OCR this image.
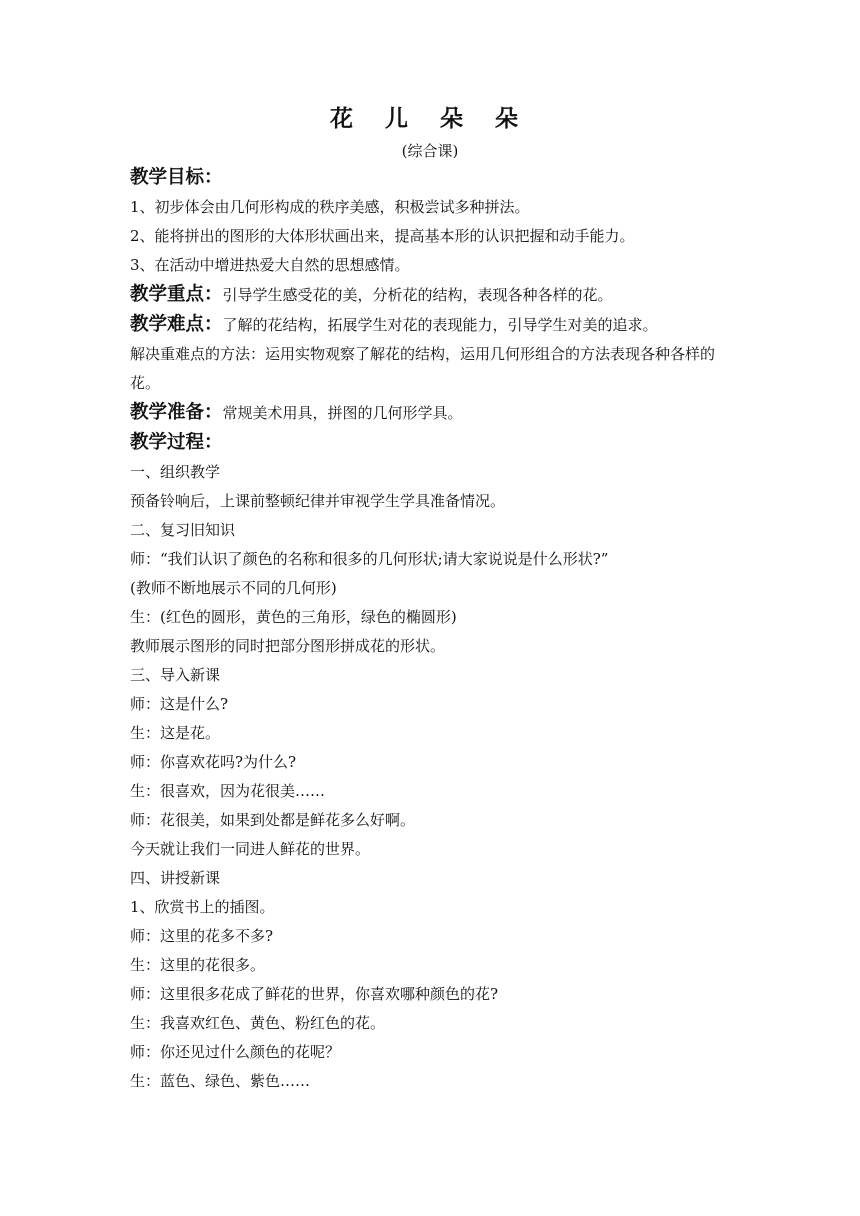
花 儿 朵 朵
(综合课)
教学目标：
1、初步体会由几何形构成的秩序美感，积极尝试多种拼法。
2、能将拼出的图形的大体形状画出来，提高基本形的认识把握和动手能力。
3、在活动中增进热爱大自然的思想感情。
教学重点：引导学生感受花的美，分析花的结构，表现各种各样的花。
教学难点：了解的花结构，拓展学生对花的表现能力，引导学生对美的追求。
解决重难点的方法：运用实物观察了解花的结构，运用几何形组合的方法表现各种各样的花。
教学准备：常规美术用具，拼图的几何形学具。
教学过程：
一、组织教学
预备铃响后，上课前整顿纪律并审视学生学具准备情况。
二、复习旧知识
师：“我们认识了颜色的名称和很多的几何形状;请大家说说是什么形状?”
(教师不断地展示不同的几何形)
生：(红色的圆形，黄色的三角形，绿色的椭圆形)
教师展示图形的同时把部分图形拼成花的形状。
三、导入新课
师：这是什么?
生：这是花。
师：你喜欢花吗?为什么?
生：很喜欢，因为花很美……
师：花很美，如果到处都是鲜花多么好啊。
今天就让我们一同进人鲜花的世界。
四、讲授新课
1、欣赏书上的插图。
师：这里的花多不多?
生：这里的花很多。
师：这里很多花成了鲜花的世界，你喜欢哪种颜色的花?
生：我喜欢红色、黄色、粉红色的花。
师：你还见过什么颜色的花呢？
生：蓝色、绿色、紫色……
